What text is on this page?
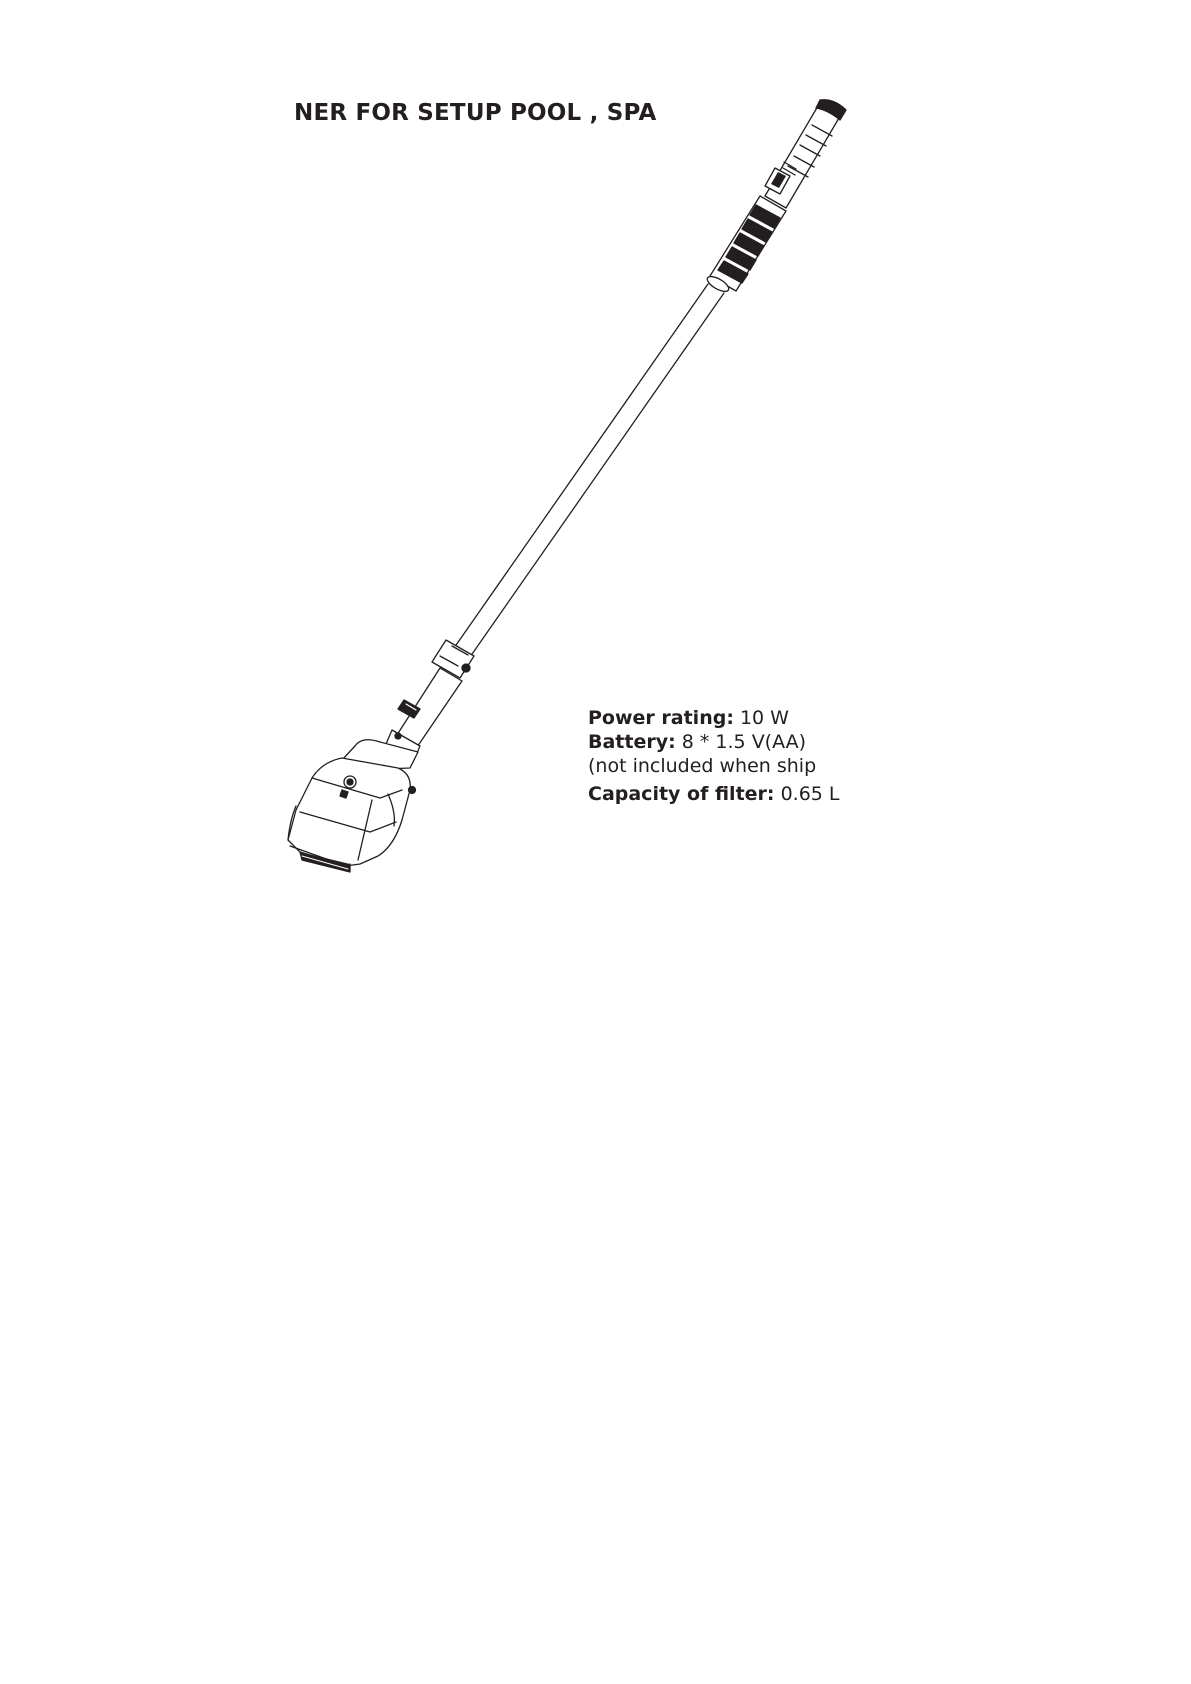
NER FOR SETUP POOL , SPA
Power rating: 10 W
Battery: 8 * 1.5 V(AA)
(not included when ship
Capacity of filter: 0.65 L
